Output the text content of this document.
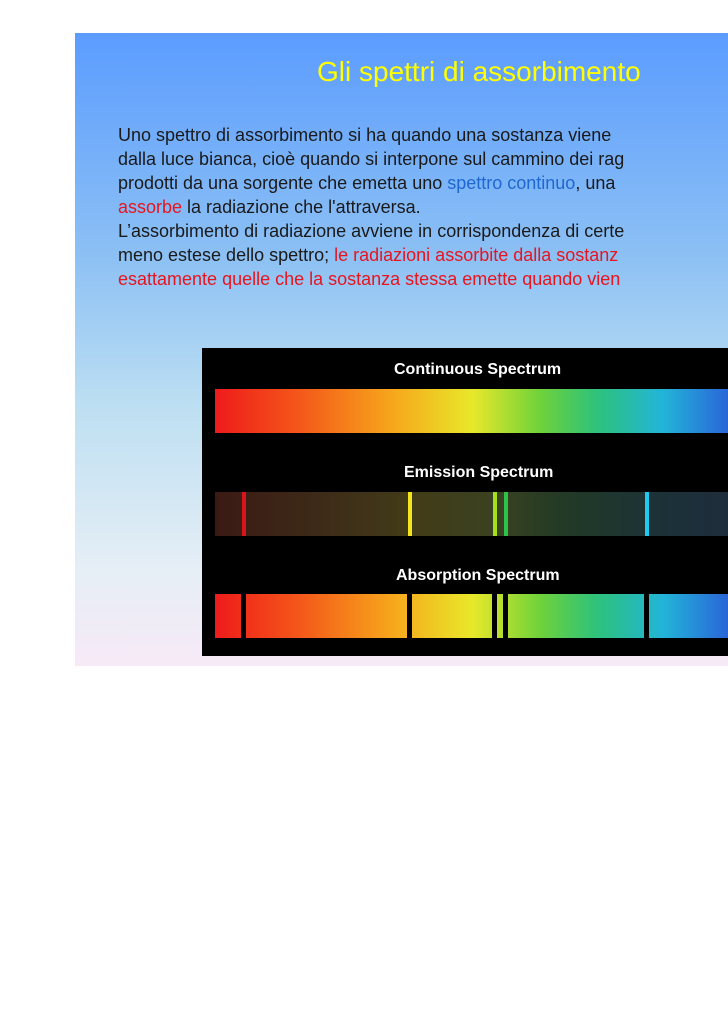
Gli spettri di assorbimento
Uno spettro di assorbimento si ha quando una sostanza viene
dalla luce bianca, cioè quando si interpone sul cammino dei rag
prodotti da una sorgente che emetta uno spettro continuo, una
assorbe la radiazione che l'attraversa.
L’assorbimento di radiazione avviene in corrispondenza di certe
meno estese dello spettro; le radiazioni assorbite dalla sostanz
esattamente quelle che la sostanza stessa emette quando vien
Continuous Spectrum
Emission Spectrum
Absorption Spectrum
